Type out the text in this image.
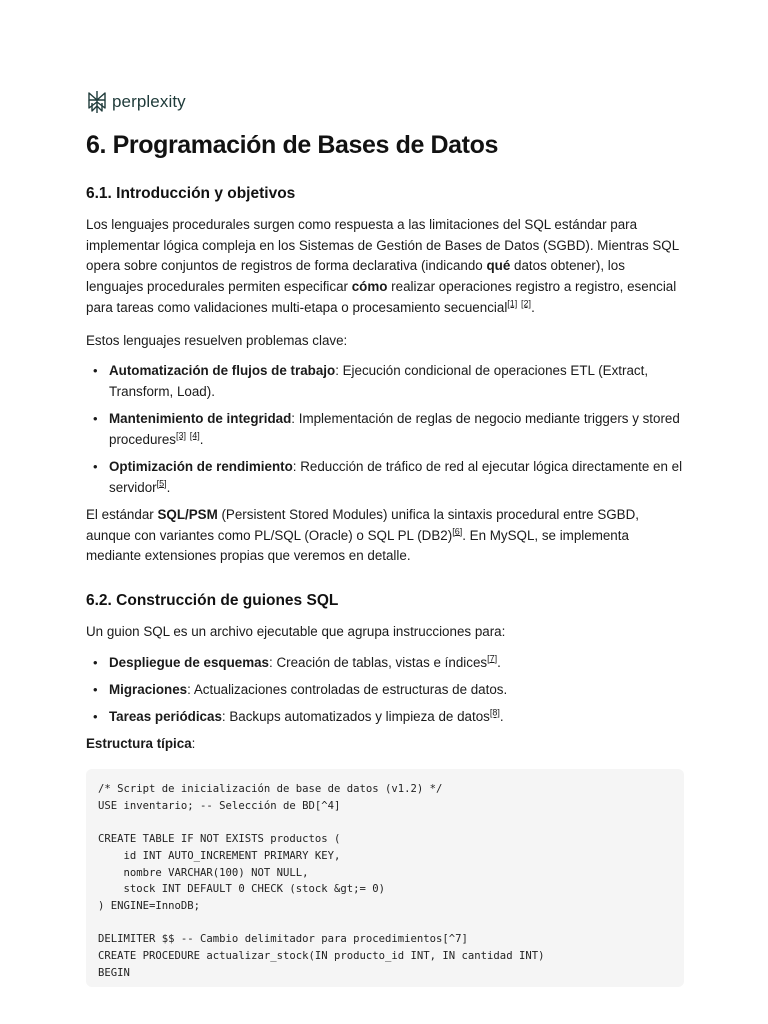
perplexity
6. Programación de Bases de Datos
6.1. Introducción y objetivos

Los lenguajes procedurales surgen como respuesta a las limitaciones del SQL estándar para implementar lógica compleja en los Sistemas de Gestión de Bases de Datos (SGBD). Mientras SQL opera sobre conjuntos de registros de forma declarativa (indicando qué datos obtener), los lenguajes procedurales permiten especificar cómo realizar operaciones registro a registro, esencial para tareas como validaciones multi-etapa o procesamiento secuencial[1] [2].

Estos lenguajes resuelven problemas clave:

• Automatización de flujos de trabajo: Ejecución condicional de operaciones ETL (Extract, Transform, Load).
• Mantenimiento de integridad: Implementación de reglas de negocio mediante triggers y stored procedures[3] [4].
• Optimización de rendimiento: Reducción de tráfico de red al ejecutar lógica directamente en el servidor[5].

El estándar SQL/PSM (Persistent Stored Modules) unifica la sintaxis procedural entre SGBD, aunque con variantes como PL/SQL (Oracle) o SQL PL (DB2)[6]. En MySQL, se implementa mediante extensiones propias que veremos en detalle.

6.2. Construcción de guiones SQL

Un guion SQL es un archivo ejecutable que agrupa instrucciones para:

• Despliegue de esquemas: Creación de tablas, vistas e índices[7].
• Migraciones: Actualizaciones controladas de estructuras de datos.
• Tareas periódicas: Backups automatizados y limpieza de datos[8].

Estructura típica:

/* Script de inicialización de base de datos (v1.2) */
USE inventario; -- Selección de BD[^4]

CREATE TABLE IF NOT EXISTS productos (
id INT AUTO_INCREMENT PRIMARY KEY,
nombre VARCHAR(100) NOT NULL,
stock INT DEFAULT 0 CHECK (stock &gt;= 0)
) ENGINE=InnoDB;

DELIMITER $$ -- Cambio delimitador para procedimientos[^7]
CREATE PROCEDURE actualizar_stock(IN producto_id INT, IN cantidad INT)
BEGIN
